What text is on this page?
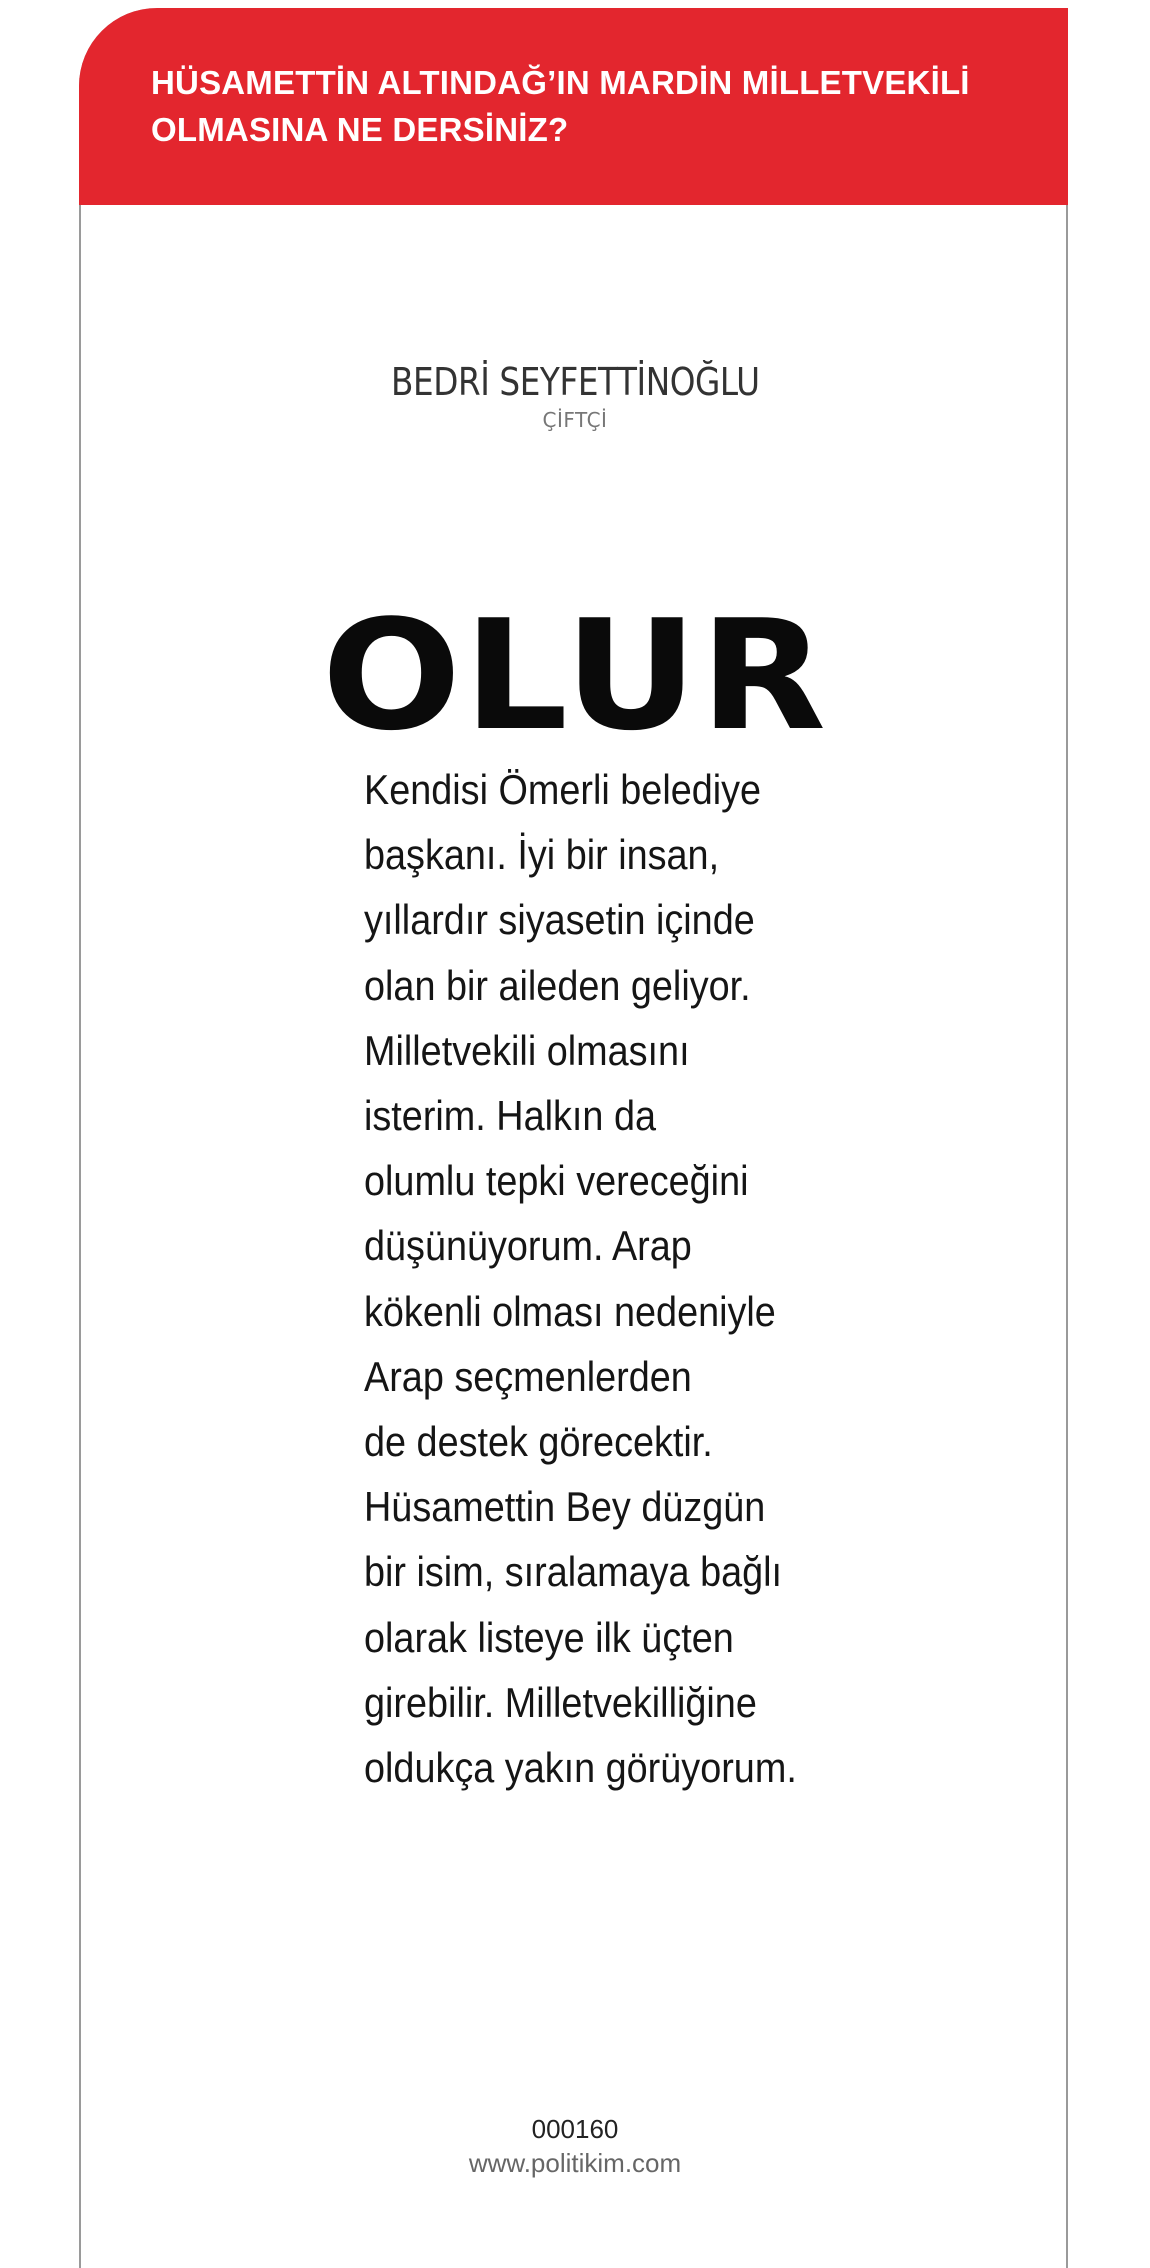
HÜSAMETTİN ALTINDAĞ’IN MARDİN MİLLETVEKİLİ
OLMASINA NE DERSİNİZ?

BEDRİ SEYFETTİNOĞLU
ÇİFTÇİ
OLUR

Kendisi Ömerli belediye
başkanı. İyi bir insan,
yıllardır siyasetin içinde
olan bir aileden geliyor.
Milletvekili olmasını
isterim. Halkın da
olumlu tepki vereceğini
düşünüyorum. Arap
kökenli olması nedeniyle
Arap seçmenlerden
de destek görecektir.
Hüsamettin Bey düzgün
bir isim, sıralamaya bağlı
olarak listeye ilk üçten
girebilir. Milletvekilliğine
oldukça yakın görüyorum.

000160
www.politikim.com
